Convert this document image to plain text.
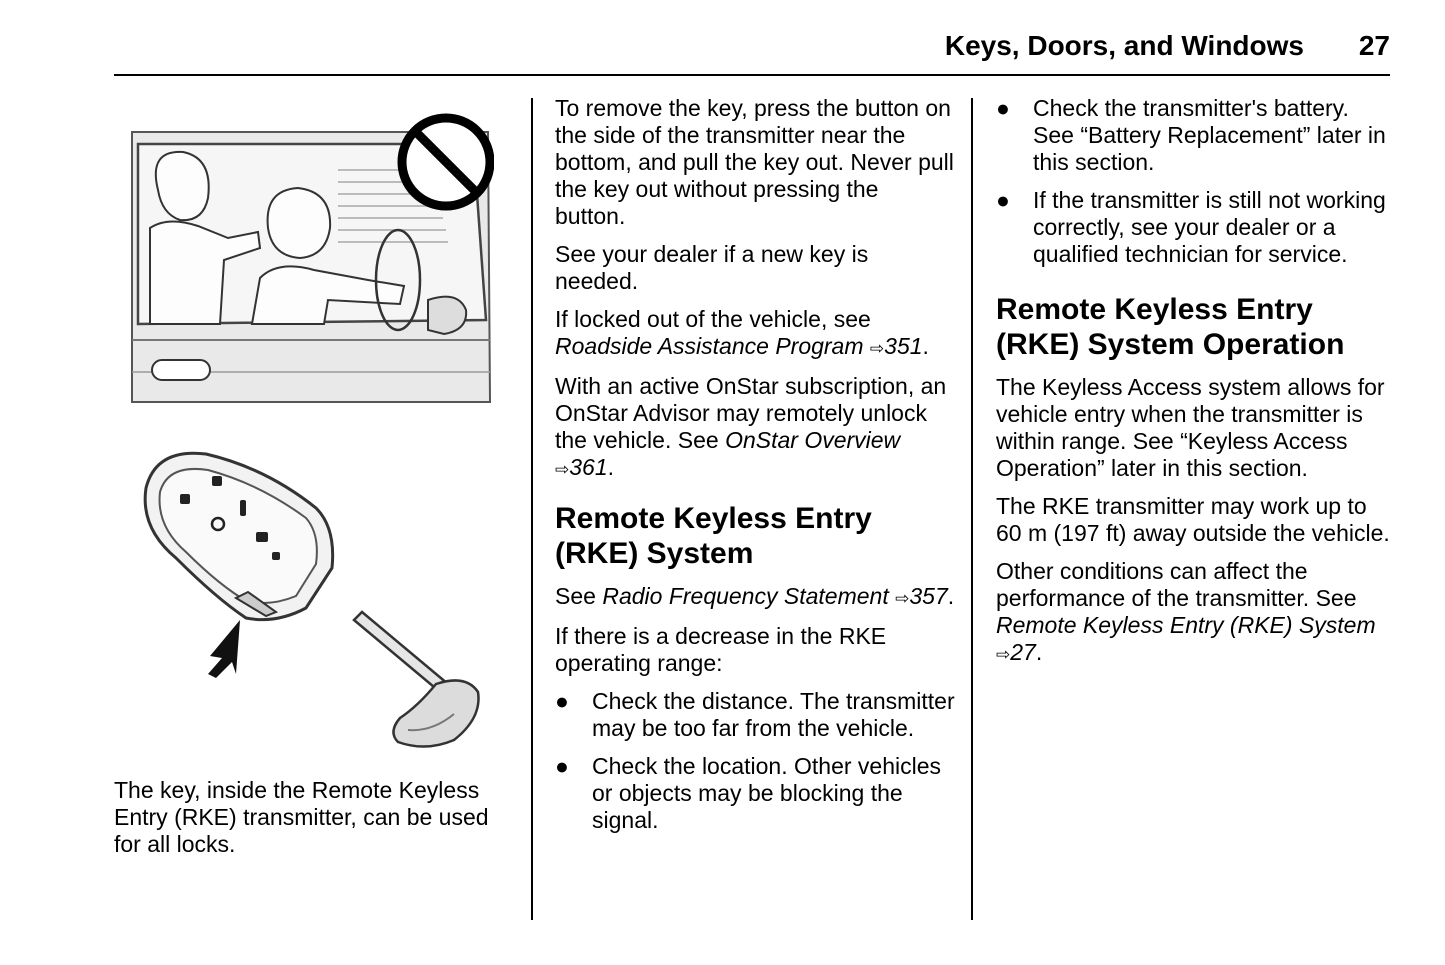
Keys, Doors, and Windows 27

The key, inside the Remote Keyless Entry (RKE) transmitter, can be used for all locks.

To remove the key, press the button on the side of the transmitter near the bottom, and pull the key out. Never pull the key out without pressing the button.

See your dealer if a new key is needed.

If locked out of the vehicle, see Roadside Assistance Program ⇨351.

With an active OnStar subscription, an OnStar Advisor may remotely unlock the vehicle. See OnStar Overview ⇨361.

Remote Keyless Entry (RKE) System

See Radio Frequency Statement ⇨357.

If there is a decrease in the RKE operating range:

● Check the distance. The transmitter may be too far from the vehicle.
● Check the location. Other vehicles or objects may be blocking the signal.
● Check the transmitter's battery. See “Battery Replacement” later in this section.
● If the transmitter is still not working correctly, see your dealer or a qualified technician for service.
Remote Keyless Entry (RKE) System Operation

The Keyless Access system allows for vehicle entry when the transmitter is within range. See “Keyless Access Operation” later in this section.

The RKE transmitter may work up to 60 m (197 ft) away outside the vehicle.

Other conditions can affect the performance of the transmitter. See Remote Keyless Entry (RKE) System ⇨27.
